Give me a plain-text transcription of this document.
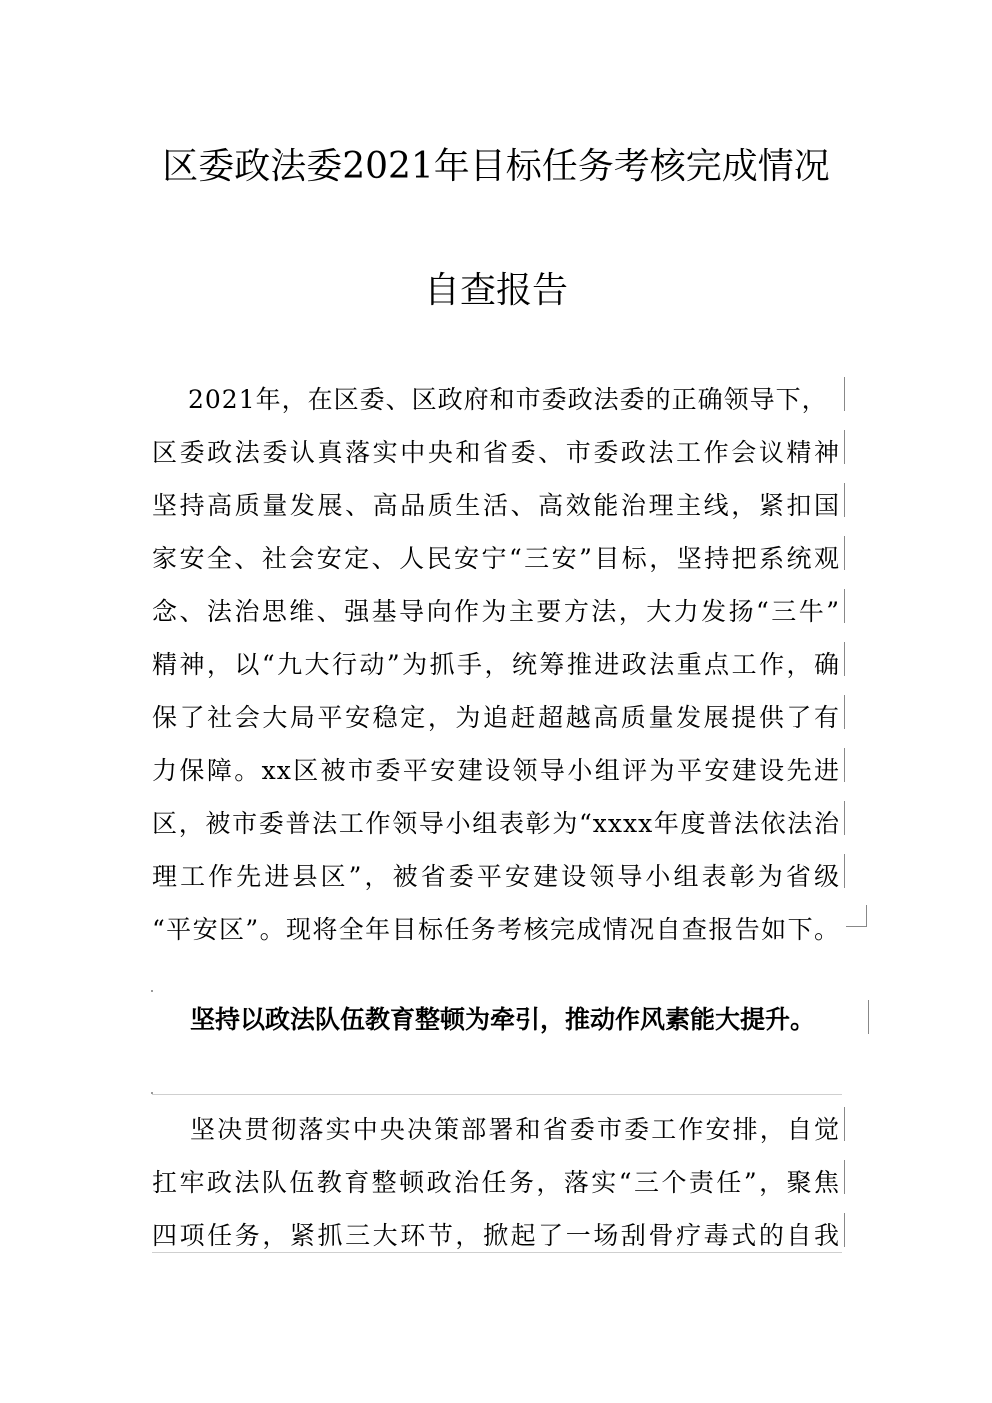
区委政法委2021年目标任务考核完成情况
自查报告
2021年，在区委、区政府和市委政法委的正确领导下，
区委政法委认真落实中央和省委、市委政法工作会议精神
坚持高质量发展、高品质生活、高效能治理主线，紧扣国
家安全、社会安定、人民安宁“三安”目标，坚持把系统观
念、法治思维、强基导向作为主要方法，大力发扬“三牛”
精神，以“九大行动”为抓手，统筹推进政法重点工作，确
保了社会大局平安稳定，为追赶超越高质量发展提供了有
力保障。xx区被市委平安建设领导小组评为平安建设先进
区，被市委普法工作领导小组表彰为“xxxx年度普法依法治
理工作先进县区”，被省委平安建设领导小组表彰为省级
“平安区”。现将全年目标任务考核完成情况自查报告如下。
坚持以政法队伍教育整顿为牵引，推动作风素能大提升。
坚决贯彻落实中央决策部署和省委市委工作安排，自觉
扛牢政法队伍教育整顿政治任务，落实“三个责任”，聚焦
四项任务，紧抓三大环节，掀起了一场刮骨疗毒式的自我
